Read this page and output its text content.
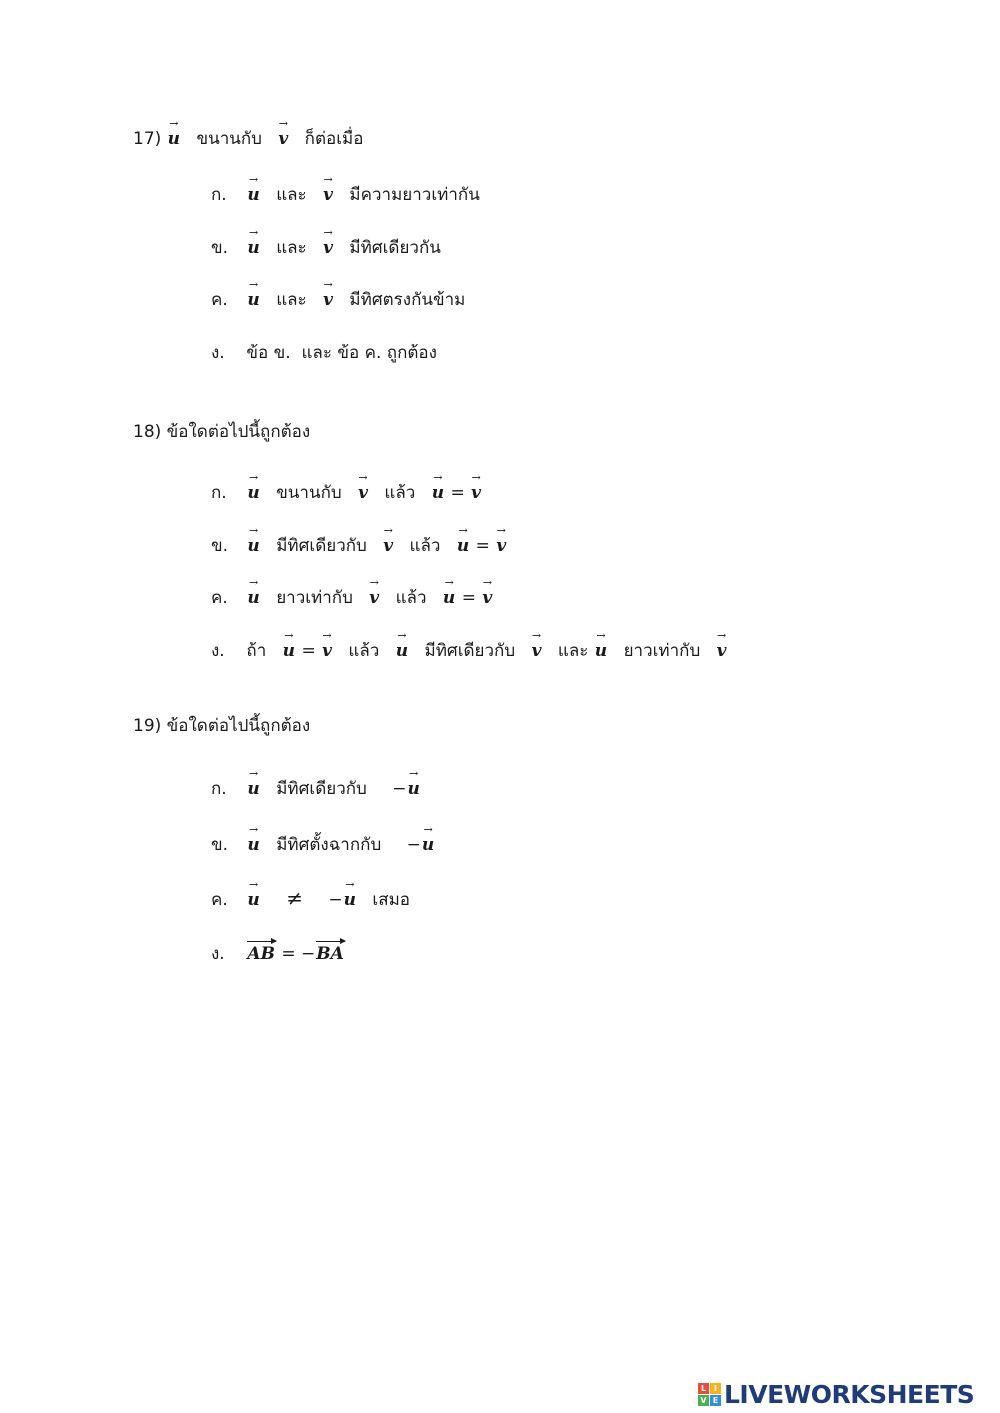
17) → u ขนานกับ → v ก็ต่อเมื่อ
ก. → u และ → v มีความยาวเท่ากัน
ข. → u และ → v มีทิศเดียวกัน
ค. → u และ → v มีทิศตรงกันข้าม
ง. ข้อ ข.  และ ข้อ ค. ถูกต้อง
18) ข้อใดต่อไปนี้ถูกต้อง
ก. → u ขนานกับ → v แล้ว → u = → v
ข. → u มีทิศเดียวกับ → v แล้ว → u = → v
ค. → u ยาวเท่ากับ → v แล้ว → u = → v
ง. ถ้า → u = → v แล้ว → u มีทิศเดียวกับ → v และ → u ยาวเท่ากับ → v
19) ข้อใดต่อไปนี้ถูกต้อง
ก. → u มีทิศเดียวกับ −→ u
ข. → u มีทิศตั้งฉากกับ −→ u
ค. → u ≠ −→ u เสมอ
ง. AB = −BA
L I
V E LIVEWORKSHEETS
